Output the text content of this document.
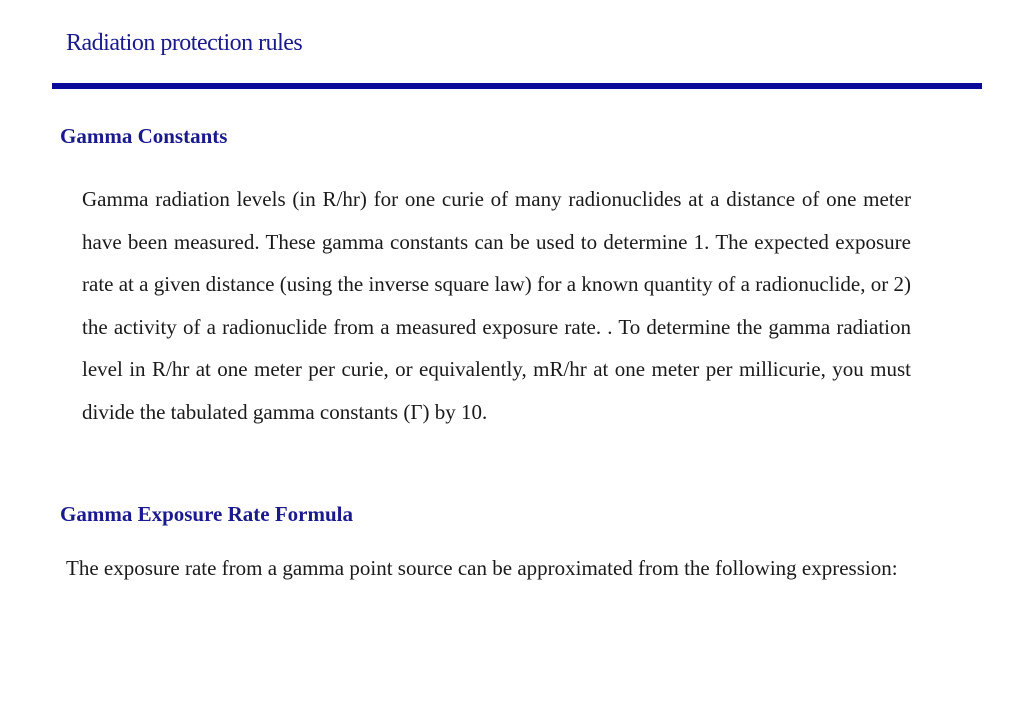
Radiation protection rules
Gamma Constants
Gamma radiation levels (in R/hr) for one curie of many radionuclides at a distance of one meter have been measured. These gamma constants can be used to determine 1. The expected exposure rate at a given distance (using the inverse square law) for a known quantity of a radionuclide, or 2) the activity of a radionuclide from a measured exposure rate. . To determine the gamma radiation level in R/hr at one meter per curie, or equivalently, mR/hr at one meter per millicurie, you must divide the tabulated gamma constants (Γ) by 10.
Gamma Exposure Rate Formula
The exposure rate from a gamma point source can be approximated from the following expression:
